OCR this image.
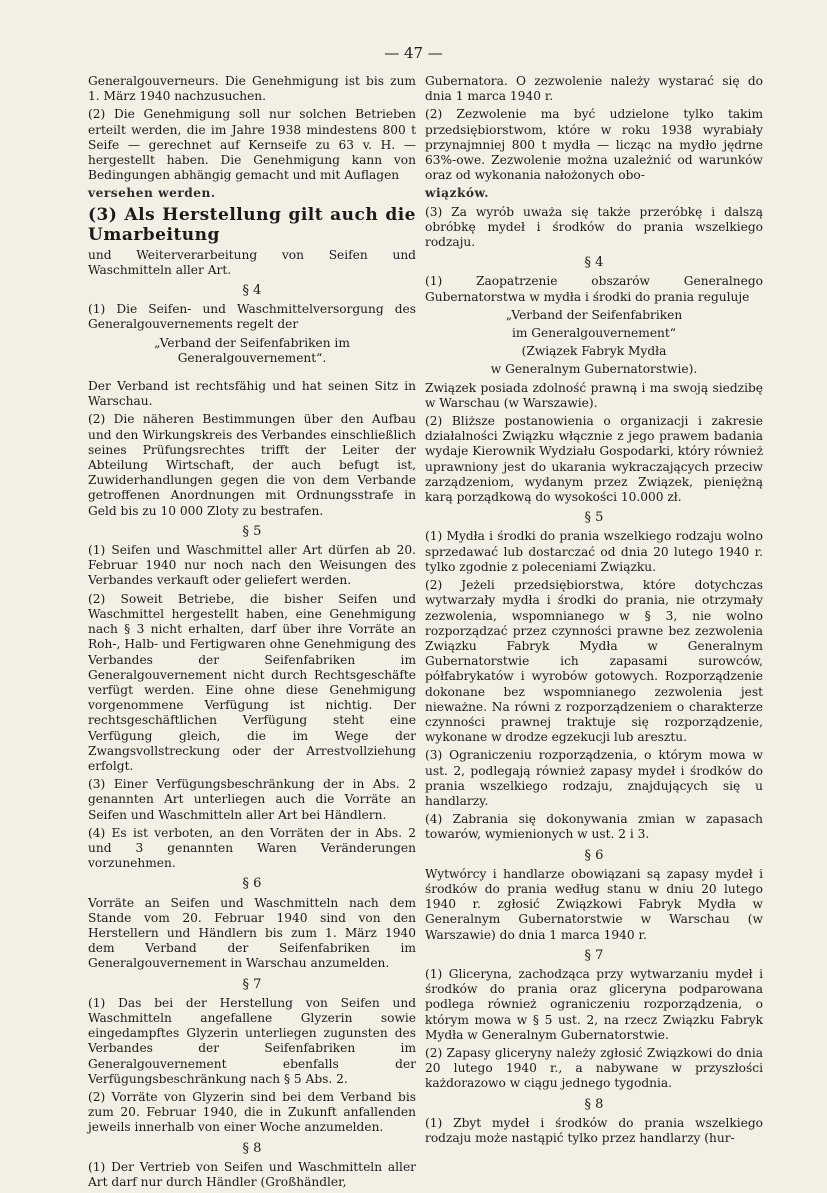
— 47 —

Generalgouverneurs. Die Genehmigung ist bis zum 1. März 1940 nachzusuchen.

(2) Die Genehmigung soll nur solchen Betrieben erteilt werden, die im Jahre 1938 mindestens 800 t Seife — gerechnet auf Kernseife zu 63 v. H. — hergestellt haben. Die Genehmigung kann von Bedingungen abhängig gemacht und mit Auflagen

versehen werden.

(3) Als Herstellung gilt auch die Umarbeitung

und Weiterverarbeitung von Seifen und Waschmitteln aller Art.

§ 4

(1) Die Seifen- und Waschmittelversorgung des Generalgouvernements regelt der

„Verband der Seifenfabriken im Generalgouvernement“.

Der Verband ist rechtsfähig und hat seinen Sitz in Warschau.

(2) Die näheren Bestimmungen über den Aufbau und den Wirkungskreis des Verbandes einschließlich seines Prüfungsrechtes trifft der Leiter der Abteilung Wirtschaft, der auch befugt ist, Zuwiderhandlungen gegen die von dem Verbande getroffenen Anordnungen mit Ordnungsstrafe in Geld bis zu 10 000 Zloty zu bestrafen.

§ 5

(1) Seifen und Waschmittel aller Art dürfen ab 20. Februar 1940 nur noch nach den Weisungen des Verbandes verkauft oder geliefert werden.

(2) Soweit Betriebe, die bisher Seifen und Waschmittel hergestellt haben, eine Genehmigung nach § 3 nicht erhalten, darf über ihre Vorräte an Roh-, Halb- und Fertigwaren ohne Genehmigung des Verbandes der Seifenfabriken im Generalgouvernement nicht durch Rechtsgeschäfte verfügt werden. Eine ohne diese Genehmigung vorgenommene Verfügung ist nichtig. Der rechtsgeschäftlichen Verfügung steht eine Verfügung gleich, die im Wege der Zwangsvollstreckung oder der Arrestvollziehung erfolgt.

(3) Einer Verfügungsbeschränkung der in Abs. 2 genannten Art unterliegen auch die Vorräte an Seifen und Waschmitteln aller Art bei Händlern.

(4) Es ist verboten, an den Vorräten der in Abs. 2 und 3 genannten Waren Veränderungen vorzunehmen.

§ 6

Vorräte an Seifen und Waschmitteln nach dem Stande vom 20. Februar 1940 sind von den Herstellern und Händlern bis zum 1. März 1940 dem Verband der Seifenfabriken im Generalgouvernement in Warschau anzumelden.

§ 7

(1) Das bei der Herstellung von Seifen und Waschmitteln angefallene Glyzerin sowie eingedampftes Glyzerin unterliegen zugunsten des Verbandes der Seifenfabriken im Generalgouvernement ebenfalls der Verfügungsbeschränkung nach § 5 Abs. 2.

(2) Vorräte von Glyzerin sind bei dem Verband bis zum 20. Februar 1940, die in Zukunft anfallenden jeweils innerhalb von einer Woche anzumelden.

§ 8

(1) Der Vertrieb von Seifen und Waschmitteln aller Art darf nur durch Händler (Großhändler,

Gubernatora. O zezwolenie należy wystarać się do dnia 1 marca 1940 r.

(2) Zezwolenie ma być udzielone tylko takim przedsiębiorstwom, które w roku 1938 wyrabiały przynajmniej 800 t mydła — licząc na mydło jędrne 63%-owe. Zezwolenie można uzależnić od warunków oraz od wykonania nałożonych obo-

wiązków.

(3) Za wyrób uważa się także przeróbkę i dalszą obróbkę mydeł i środków do prania wszelkiego rodzaju.

§ 4

(1) Zaopatrzenie obszarów Generalnego Gubernatorstwa w mydła i środki do prania reguluje

„Verband der Seifenfabriken

im Generalgouvernement“

(Związek Fabryk Mydła

w Generalnym Gubernatorstwie).

Związek posiada zdolność prawną i ma swoją siedzibę w Warschau (w Warszawie).

(2) Bliższe postanowienia o organizacji i zakresie działalności Związku włącznie z jego prawem badania wydaje Kierownik Wydziału Gospodarki, który również uprawniony jest do ukarania wykraczających przeciw zarządzeniom, wydanym przez Związek, pieniężną karą porządkową do wysokości 10.000 zł.

§ 5

(1) Mydła i środki do prania wszelkiego rodzaju wolno sprzedawać lub dostarczać od dnia 20 lutego 1940 r. tylko zgodnie z poleceniami Związku.

(2) Jeżeli przedsiębiorstwa, które dotychczas wytwarzały mydła i środki do prania, nie otrzymały zezwolenia, wspomnianego w § 3, nie wolno rozporządzać przez czynności prawne bez zezwolenia Związku Fabryk Mydła w Generalnym Gubernatorstwie ich zapasami surowców, półfabrykatów i wyrobów gotowych. Rozporządzenie dokonane bez wspomnianego zezwolenia jest nieważne. Na równi z rozporządzeniem o charakterze czynności prawnej traktuje się rozporządzenie, wykonane w drodze egzekucji lub aresztu.

(3) Ograniczeniu rozporządzenia, o którym mowa w ust. 2, podlegają również zapasy mydeł i środków do prania wszelkiego rodzaju, znajdujących się u handlarzy.

(4) Zabrania się dokonywania zmian w zapasach towarów, wymienionych w ust. 2 i 3.

§ 6

Wytwórcy i handlarze obowiązani są zapasy mydeł i środków do prania według stanu w dniu 20 lutego 1940 r. zgłosić Związkowi Fabryk Mydła w Generalnym Gubernatorstwie w Warschau (w Warszawie) do dnia 1 marca 1940 r.

§ 7

(1) Gliceryna, zachodząca przy wytwarzaniu mydeł i środków do prania oraz gliceryna podparowana podlega również ograniczeniu rozporządzenia, o którym mowa w § 5 ust. 2, na rzecz Związku Fabryk Mydła w Generalnym Gubernatorstwie.

(2) Zapasy gliceryny należy zgłosić Związkowi do dnia 20 lutego 1940 r., a nabywane w przyszłości każdorazowo w ciągu jednego tygodnia.

§ 8

(1) Zbyt mydeł i środków do prania wszelkiego rodzaju może nastąpić tylko przez handlarzy (hur-
